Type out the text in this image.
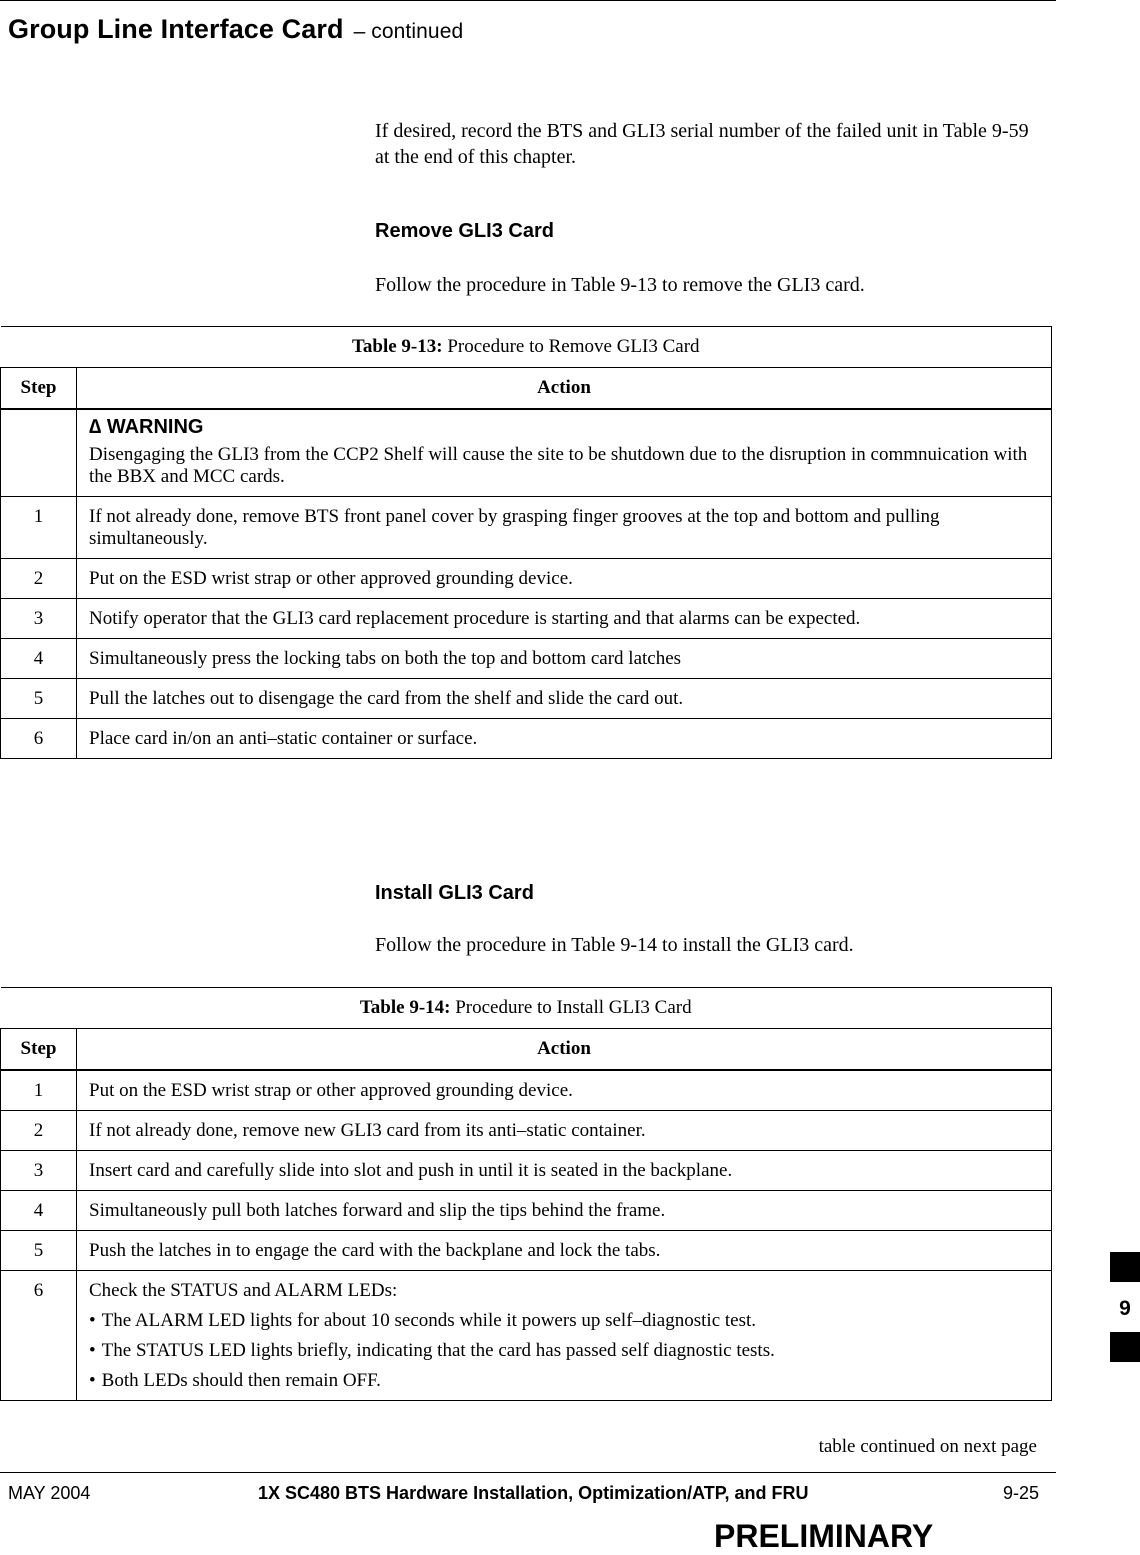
Group Line Interface Card – continued
If desired, record the BTS and GLI3 serial number of the failed unit in Table 9-59 at the end of this chapter.
Remove GLI3 Card
Follow the procedure in Table 9-13 to remove the GLI3 card.
Table 9-13: Procedure to Remove GLI3 Card	
Step	Action

	∆ WARNING
Disengaging the GLI3 from the CCP2 Shelf will cause the site to be shutdown due to the disruption in commnuication with the BBX and MCC cards.
1	If not already done, remove BTS front panel cover by grasping finger grooves at the top and bottom and pulling simultaneously.
2	Put on the ESD wrist strap or other approved grounding device.
3	Notify operator that the GLI3 card replacement procedure is starting and that alarms can be expected.
4	Simultaneously press the locking tabs on both the top and bottom card latches
5	Pull the latches out to disengage the card from the shelf and slide the card out.
6	Place card in/on an anti–static container or surface.
Install GLI3 Card
Follow the procedure in Table 9-14 to install the GLI3 card.
Table 9-14: Procedure to Install GLI3 Card	
Step	Action
1	Put on the ESD wrist strap or other approved grounding device.
2	If not already done, remove new GLI3 card from its anti–static container.
3	Insert card and carefully slide into slot and push in until it is seated in the backplane.
4	Simultaneously pull both latches forward and slip the tips behind the frame.
5	Push the latches in to engage the card with the backplane and lock the tabs.
6	Check the STATUS and ALARM LEDs:
• The ALARM LED lights for about 10 seconds while it powers up self–diagnostic test.
• The STATUS LED lights briefly, indicating that the card has passed self diagnostic tests.
• Both LEDs should then remain OFF.
table continued on next page
MAY 2004	1X SC480 BTS Hardware Installation, Optimization/ATP, and FRU	9-25
PRELIMINARY
9
